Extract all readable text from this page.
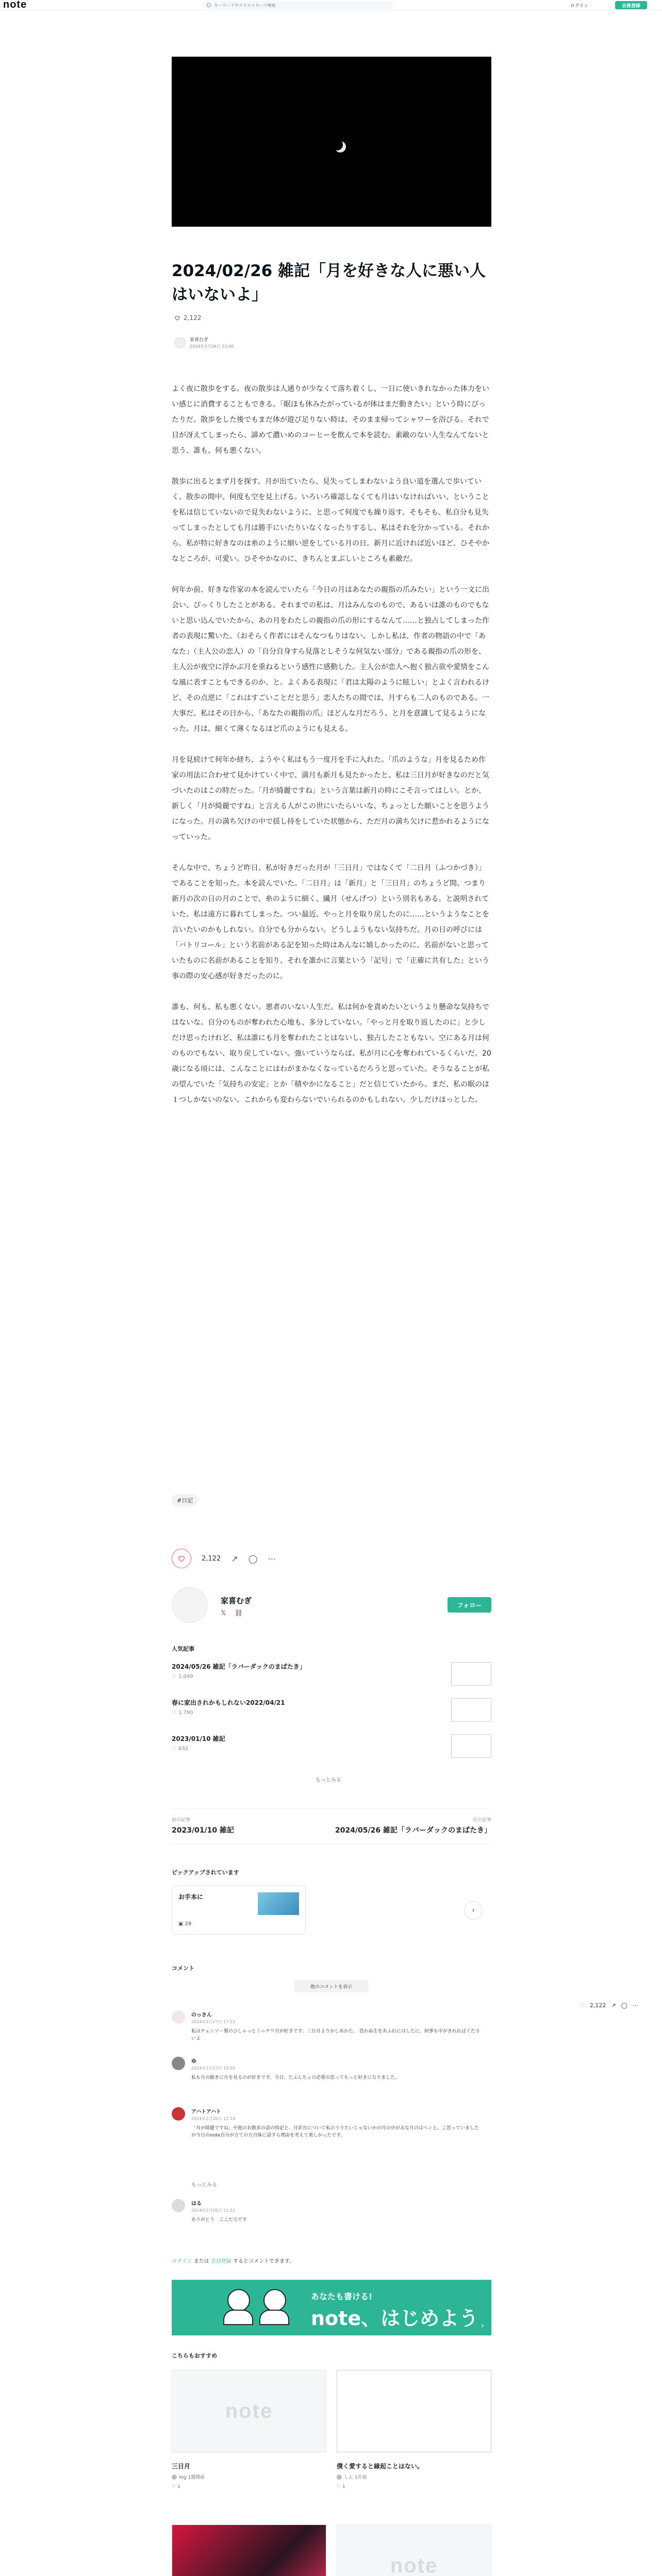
note
キーワードやクリエイターで検索	ログイン	会員登録
2024/02/26 雑記「月を好きな人に悪い人はいないよ」
2,122
家喜むぎ
2024年2月26日 23:00

よく夜に散歩をする。夜の散歩は人通りが少なくて落ち着くし、一日に使いきれなかった体力をいい感じに消費することもできる。「眠ほも休みたがっているが体はまだ動きたい」という時にぴったりだ。散歩をした後でもまだ体が遊び足りない時は、そのまま帰ってシャワーを浴びる。それで目が冴えてしまったら、諦めて濃いめのコーヒーを飲んで本を読む。素敵のない人生なんてないと思う、誰も、何も悪くない。

散歩に出るとまず月を探す。月が出ていたら、見失ってしまわないよう良い道を選んで歩いていく。散歩の間中、何度も空を見上げる。いろいろ確認しなくても月はいなければいい、ということを私は信じていないので見失わないように、と思って何度でも繰り返す。そもそも、私自分も見失ってしまったとしても月は勝手にいたりいなくなったりするし、私はそれを分かっている。それから、私が特に好きなのは糸のように細い逆をしている月の日。新月に近ければ近いほど、ひそやかなところが、可愛い。ひそやかなのに、きちんとまぶしいところも素敵だ。

何年か前、好きな作家の本を読んでいたら「今日の月はあなたの親指の爪みたい」という一文に出会い、ぴっくりしたことがある。それまでの私は、月はみんなのもので、あるいは誰のものでもないと思い込んでいたから、あの月をわたしの親指の爪の形にするなんて……と独占してしまった作者の表現に驚いた。（おそらく作者にはそんなつもりはない。しかし私は、作者の物語の中で「あなた」（主人公の恋人）の「自分自身すら見落としそうな何気ない部分」である親指の爪の形を、主人公が夜空に浮かぶ月を重ねるという感性に感動した。主人公が恋人へ抱く独占欲や愛情をこんな風に表すこともできるのか、と。よくある表現に「君は太陽のように眩しい」とよく言われるけど、その点逆に「これはすごいことだと思う」恋人たちの間では、月すらも二人のものである。一大事だ。私はその日から、「あなたの親指の爪」ほどんな月だろう、と月を意識して見るようになった。月は、細くて薄くなるほど爪のようにも見える。

月を見続けて何年か経ち、ようやく私はもう一度月を手に入れた。「爪のような」月を見るため作家の用法に合わせて見かけていく中で、満月も新月も見たかったと、私は三日月が好きなのだと気づいたのはこの時だった。「月が綺麗ですね」という言葉は新月の時にこそ言ってはしい。とか、新しく「月が綺麗ですね」と言える人がこの世にいたらいいな、ちょっとした願いことを思うようになった。月の満ち欠けの中で揺し持をしていた状態から、ただ月の満ち欠けに惹かれるようになっていった。

そんな中で、ちょうど昨日、私が好きだった月が「三日月」ではなくて「二日月（ふつかづき）」であることを知った。本を読んでいた。「二日月」は「新月」と「三日月」のちょうど間、つまり新月の次の日の月のことで、糸のように細く、繊月（せんげつ）という別名もある。と説明されていた。私は遠方に暮れてしまった。つい最近、やっと月を取り戻したのに……というようなことを言いたいのかもしれない。自分でも分からない。どうしようもない気持ちだ。月の日の呼びには「バトリコール」という名前がある記を知った時はあんなに嬉しかったのに。名前がないと思っていたものに名前があることを知り、それを誰かに言葉という「記号」で「正確に共有した」という事の際の安心感が好きだったのに。

誰も、何も、私も悪くない。悪者のいない人生だ。私は何かを責めたいというより懸命な気持ちではないな。自分のものが奪われた心地も、多分していない。「やっと月を取り返したのに」と少しだけ思ったけれど、私は誰にも月を奪われたことはないし、独占したこともない。空にある月は何のものでもない、取り戻していない。強いていうならば、私が月に心を奪われているくらいだ。20歳になる頃には、こんなことにはわがまかなくなっているだろうと思っていた。そうなることが私の望んでいた「気持ちの安定」とか「積やかになること」だと信じていたから。まだ、私の眠のは１つしかないのない。これからも変わらないでいられるのかもしれない。少しだけほっとした。

#日記
2,122 ↗ ◯ ⋯
家喜むぎ
𝕏 ⛓
フォロー
人気記事
2024/05/26 雑記「ラバーダックのまばたき」
♡ 1,049
春に家出されかもしれない2022/04/21
♡ 1,790
2023/01/10 雑記
♡ 832
もっとみる
前の記事
2023/01/10 雑記
次の記事
2024/05/26 雑記「ラバーダックのまばたき」
ピックアップされています
お手本に
▣ 28
›
コメント
他のコメントを表示
のっさん
2024年2月27日 17:53
私はチェンソー製のひしゃっとミニチワ月が好きです。三日月よりかしあかた。 思わぬ生をあふれにはしたに、何事も中がきれればくださいよ
ゆ
2024年2月27日 10:50
私も月の動きに月を見るのが好きです。今日、たぶんちょの必要の思ってもっと好きになりました。
アハトアハト
2024年2月26日 12:18
「月が綺麗ですね」や他のお散歩の話の特記と、月彩月について私のうりたいじゃないかの月の中がみな月のはヘンと。こ思っていましたが今日のnote自分が立ての方自体に話すら理由を考えて楽しかったです。
もっとみる
はる
2024年2月26日 11:12
ありがとう　ここだろです
ログイン または 会員登録 するとコメントできます。
あなたも書ける!
note、はじめよう ›
こちらもおすすめ
note
三日月
mg 1週間前
♡ 1
僕く愛すると縁起ことはない。
しん 1年前
♡ 1
note
♡ 2,122 ↗ ◯ ⋯
